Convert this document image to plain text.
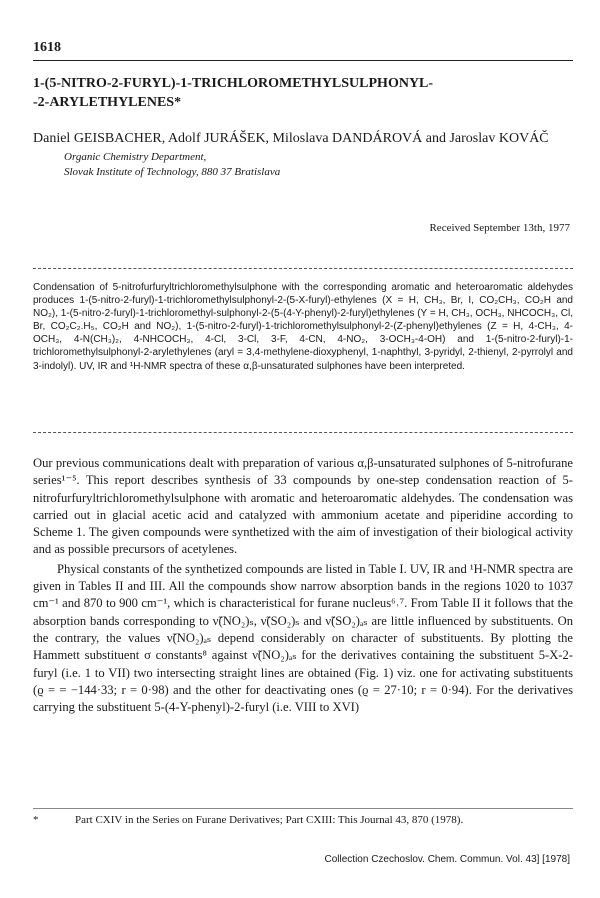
1618
1-(5-NITRO-2-FURYL)-1-TRICHLOROMETHYLSULPHONYL-
-2-ARYLETHYLENES*
Daniel GEISBACHER, Adolf JURÁŠEK, Miloslava DANDÁROVÁ and Jaroslav KOVÁČ
Organic Chemistry Department,
Slovak Institute of Technology, 880 37 Bratislava
Received September 13th, 1977
Condensation of 5-nitrofurfuryltrichloromethylsulphone with the corresponding aromatic and heteroaromatic aldehydes produces 1-(5-nitro-2-furyl)-1-trichloromethylsulphonyl-2-(5-X-furyl)-ethylenes (X = H, CH₃, Br, I, CO₂CH₃, CO₂H and NO₂), 1-(5-nitro-2-furyl)-1-trichloromethyl-sulphonyl-2-(5-(4-Y-phenyl)-2-furyl)ethylenes (Y = H, CH₃, OCH₃, NHCOCH₃, Cl, Br, CO₂C₂.H₅, CO₂H and NO₂), 1-(5-nitro-2-furyl)-1-trichloromethylsulphonyl-2-(Z-phenyl)ethylenes (Z = H, 4-CH₃, 4-OCH₃, 4-N(CH₃)₂, 4-NHCOCH₃, 4-Cl, 3-Cl, 3-F, 4-CN, 4-NO₂, 3-OCH₃-4-OH) and 1-(5-nitro-2-furyl)-1-trichloromethylsulphonyl-2-arylethylenes (aryl = 3,4-methylene-dioxyphenyl, 1-naphthyl, 3-pyridyl, 2-thienyl, 2-pyrrolyl and 3-indolyl). UV, IR and ¹H-NMR spectra of these α,β-unsaturated sulphones have been interpreted.

Our previous communications dealt with preparation of various α,β-unsaturated sulphones of 5-nitrofurane series¹⁻⁵. This report describes synthesis of 33 compounds by one-step condensation reaction of 5-nitrofurfuryltrichloromethylsulphone with aromatic and heteroaromatic aldehydes. The condensation was carried out in glacial acetic acid and catalyzed with ammonium acetate and piperidine according to Scheme 1. The given compounds were synthetized with the aim of investigation of their biological activity and as possible precursors of acetylenes.

Physical constants of the synthetized compounds are listed in Table I. UV, IR and ¹H-NMR spectra are given in Tables II and III. All the compounds show narrow absorption bands in the regions 1020 to 1037 cm⁻¹ and 870 to 900 cm⁻¹, which is characteristical for furane nucleus⁶˒⁷. From Table II it follows that the absorption bands corresponding to ν̃(NO₂)ₛ, ν̃(SO₂)ₛ and ν̃(SO₂)ₐₛ are little influenced by substituents. On the contrary, the values ν̃(NO₂)ₐₛ depend considerably on character of substituents. By plotting the Hammett substituent σ constants⁸ against ν̃(NO₂)ₐₛ for the derivatives containing the substituent 5-X-2-furyl (i.e. 1 to VII) two intersecting straight lines are obtained (Fig. 1) viz. one for activating substituents (ϱ = = −144·33; r = 0·98) and the other for deactivating ones (ϱ = 27·10; r = 0·94). For the derivatives carrying the substituent 5-(4-Y-phenyl)-2-furyl (i.e. VIII to XVI)

*	Part CXIV in the Series on Furane Derivatives; Part CXIII: This Journal 43, 870 (1978).
Collection Czechoslov. Chem. Commun. Vol. 43] [1978]
